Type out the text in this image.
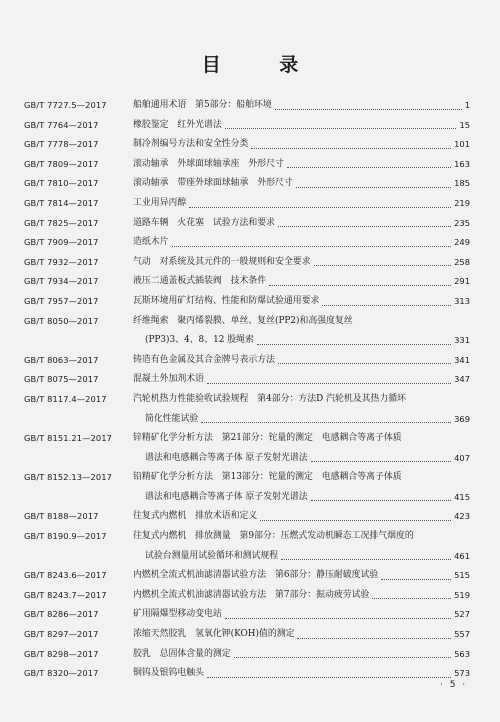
目 录
GB/T 7727.5—2017	船舶通用术语　第5部分：船舶环境	1
GB/T 7764—2017	橡胶鉴定　红外光谱法	15
GB/T 7778—2017	制冷剂编号方法和安全性分类	101
GB/T 7809—2017	滚动轴承　外球面球轴承座　外形尺寸	163
GB/T 7810—2017	滚动轴承　带座外球面球轴承　外形尺寸	185
GB/T 7814—2017	工业用异丙醇	219
GB/T 7825—2017	道路车辆　火花塞　试验方法和要求	235
GB/T 7909—2017	造纸木片	249
GB/T 7932—2017	气动　对系统及其元件的一般规则和安全要求	258
GB/T 7934—2017	液压二通盖板式插装阀　技术条件	291
GB/T 7957—2017	瓦斯环境用矿灯结构、性能和防爆试验通用要求	313
GB/T 8050—2017	纤维绳索　聚丙烯裂膜、单丝、复丝(PP2)和高强度复丝
(PP3)3、4、8、12 股绳索	331
GB/T 8063—2017	铸造有色金属及其合金牌号表示方法	341
GB/T 8075—2017	混凝土外加剂术语	347
GB/T 8117.4—2017	汽轮机热力性能验收试验规程　第4部分：方法D 汽轮机及其热力循环
简化性能试验	369
GB/T 8151.21—2017	锌精矿化学分析方法　第21部分：铊量的测定　电感耦合等离子体质
谱法和电感耦合等离子体 原子发射光谱法	407
GB/T 8152.13—2017	铅精矿化学分析方法　第13部分：铊量的测定　电感耦合等离子体质
谱法和电感耦合等离子体 原子发射光谱法	415
GB/T 8188—2017	往复式内燃机　排放术语和定义	423
GB/T 8190.9—2017	往复式内燃机　排放测量　第9部分：压燃式发动机瞬态工况排气烟度的
试验台测量用试验循环和测试规程	461
GB/T 8243.6—2017	内燃机全流式机油滤清器试验方法　第6部分：静压耐破度试验	515
GB/T 8243.7—2017	内燃机全流式机油滤清器试验方法　第7部分：振动疲劳试验	519
GB/T 8286—2017	矿用隔爆型移动变电站	527
GB/T 8297—2017	浓缩天然胶乳　氢氧化钾(KOH)值的测定	557
GB/T 8298—2017	胶乳　总固体含量的测定	563
GB/T 8320—2017	铜钨及银钨电触头	573
· 5 ·
